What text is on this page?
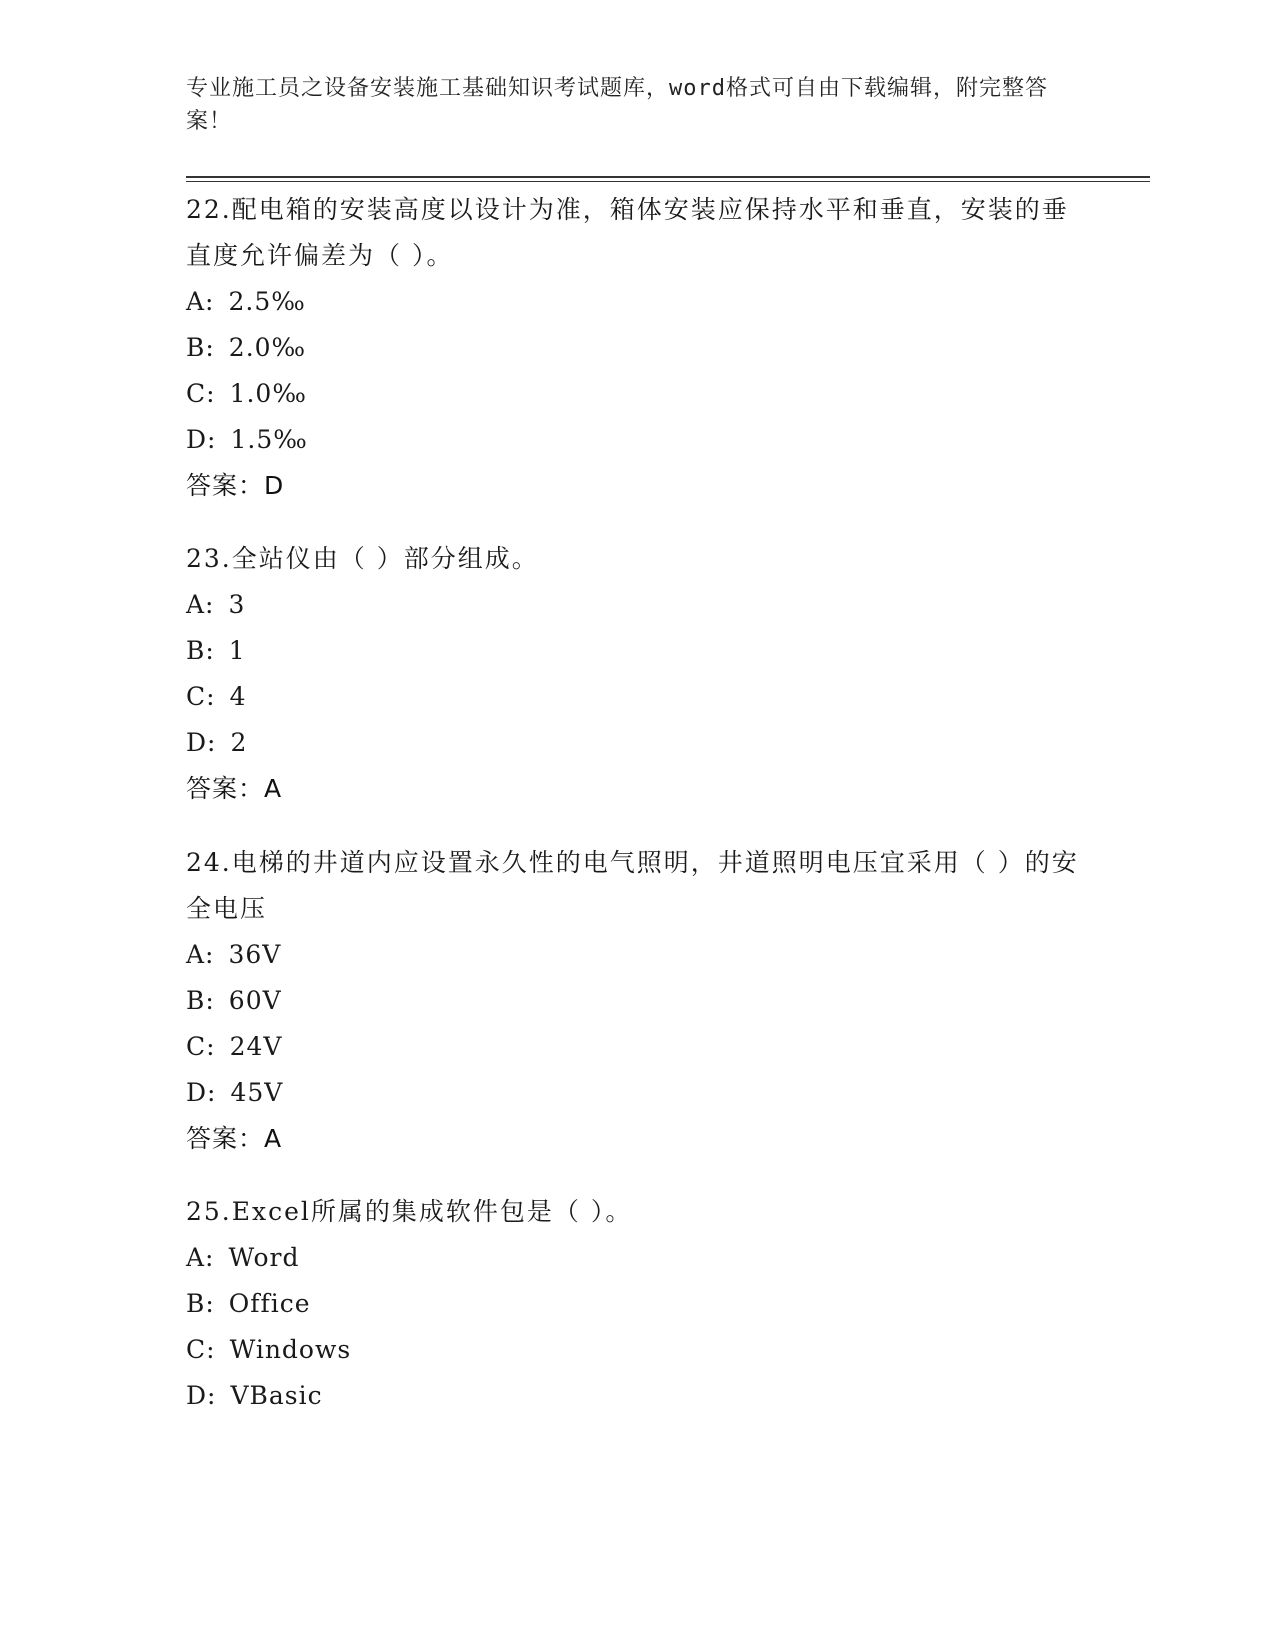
专业施工员之设备安装施工基础知识考试题库，word格式可自由下载编辑，附完整答案！
22.配电箱的安装高度以设计为准，箱体安装应保持水平和垂直，安装的垂直度允许偏差为（ ）。
A: 2.5‰
B: 2.0‰
C: 1.0‰
D: 1.5‰
答案：D
23.全站仪由（ ）部分组成。
A: 3
B: 1
C: 4
D: 2
答案：A
24.电梯的井道内应设置永久性的电气照明，井道照明电压宜采用（ ）的安全电压
A: 36V
B: 60V
C: 24V
D: 45V
答案：A
25.Excel所属的集成软件包是（ ）。
A: Word
B: Office
C: Windows
D: VBasic
